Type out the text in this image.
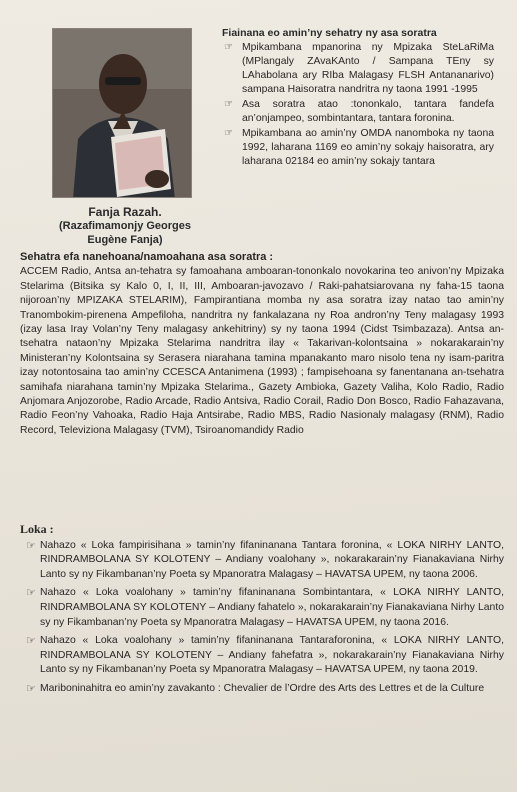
Fanja Razah.
(Razafimamonjy Georges
Eugène Fanja)
Fiainana eo amin’ny sehatry ny asa soratra
☞ Mpikambana mpanorina ny Mpizaka SteLaRiMa (MPlangaly ZAvaKAnto / Sampana TEny sy LAhabolana ary RIba Malagasy FLSH Antananarivo) sampana Haisoratra nandritra ny taona 1991 -1995
☞ Asa soratra atao :tononkalo, tantara fandefa an’onjampeo, sombintantara, tantara foronina.
☞ Mpikambana ao amin’ny OMDA nanomboka ny taona 1992, laharana 1169 eo amin’ny sokajy haisoratra, ary laharana 02184 eo amin’ny sokajy tantara
Sehatra efa nanehoana/namoahana asa soratra :
ACCEM Radio, Antsa an-tehatra sy famoahana amboaran-tononkalo novokarina teo anivon’ny Mpizaka Stelarima (Bitsika sy Kalo 0, I, II, III, Amboaran-javozavo / Raki-pahatsiarovana ny faha-15 taona nijoroan’ny MPIZAKA STELARIM), Fampirantiana momba ny asa soratra izay natao tao amin’ny Tranombokim-pirenena Ampefiloha, nandritra ny fankalazana ny Roa andron’ny Teny malagasy 1993 (izay lasa Iray Volan’ny Teny malagasy ankehitriny) sy ny taona 1994 (Cidst Tsimbazaza). Antsa an-tsehatra nataon’ny Mpizaka Stelarima nandritra ilay « Takarivan-kolontsaina » nokarakarain’ny Ministeran’ny Kolontsaina sy Serasera niarahana tamina mpanakanto maro nisolo tena ny isam-paritra izay notontosaina tao amin’ny CCESCA Antanimena (1993) ; fampisehoana sy fanentanana an-tsehatra samihafa niarahana tamin’ny Mpizaka Stelarima., Gazety Ambioka, Gazety Valiha, Kolo Radio, Radio Anjomara Anjozorobe, Radio Arcade, Radio Antsiva, Radio Corail, Radio Don Bosco, Radio Fahazavana, Radio Feon’ny Vahoaka, Radio Haja Antsirabe, Radio MBS, Radio Nasionaly malagasy (RNM), Radio Record, Televiziona Malagasy (TVM), Tsiroanomandidy Radio
Loka :
☞ Nahazo « Loka fampirisihana » tamin’ny fifaninanana Tantara foronina, « LOKA NIRHY LANTO, RINDRAMBOLANA SY KOLOTENY – Andiany voalohany », nokarakarain’ny Fianakaviana Nirhy Lanto sy ny Fikambanan’ny Poeta sy Mpanoratra Malagasy – HAVATSA UPEM, ny taona 2006.
☞ Nahazo « Loka voalohany » tamin’ny fifaninanana Sombintantara, « LOKA NIRHY LANTO, RINDRAMBOLANA SY KOLOTENY – Andiany fahatelo », nokarakarain’ny Fianakaviana Nirhy Lanto sy ny Fikambanan’ny Poeta sy Mpanoratra Malagasy – HAVATSA UPEM, ny taona 2016.
☞ Nahazo « Loka voalohany » tamin’ny fifaninanana Tantaraforonina, « LOKA NIRHY LANTO, RINDRAMBOLANA SY KOLOTENY – Andiany fahefatra », nokarakarain’ny Fianakaviana Nirhy Lanto sy ny Fikambanan’ny Poeta sy Mpanoratra Malagasy – HAVATSA UPEM, ny taona 2019.
☞ Mariboninahitra eo amin’ny zavakanto : Chevalier de l’Ordre des Arts des Lettres et de la Culture
